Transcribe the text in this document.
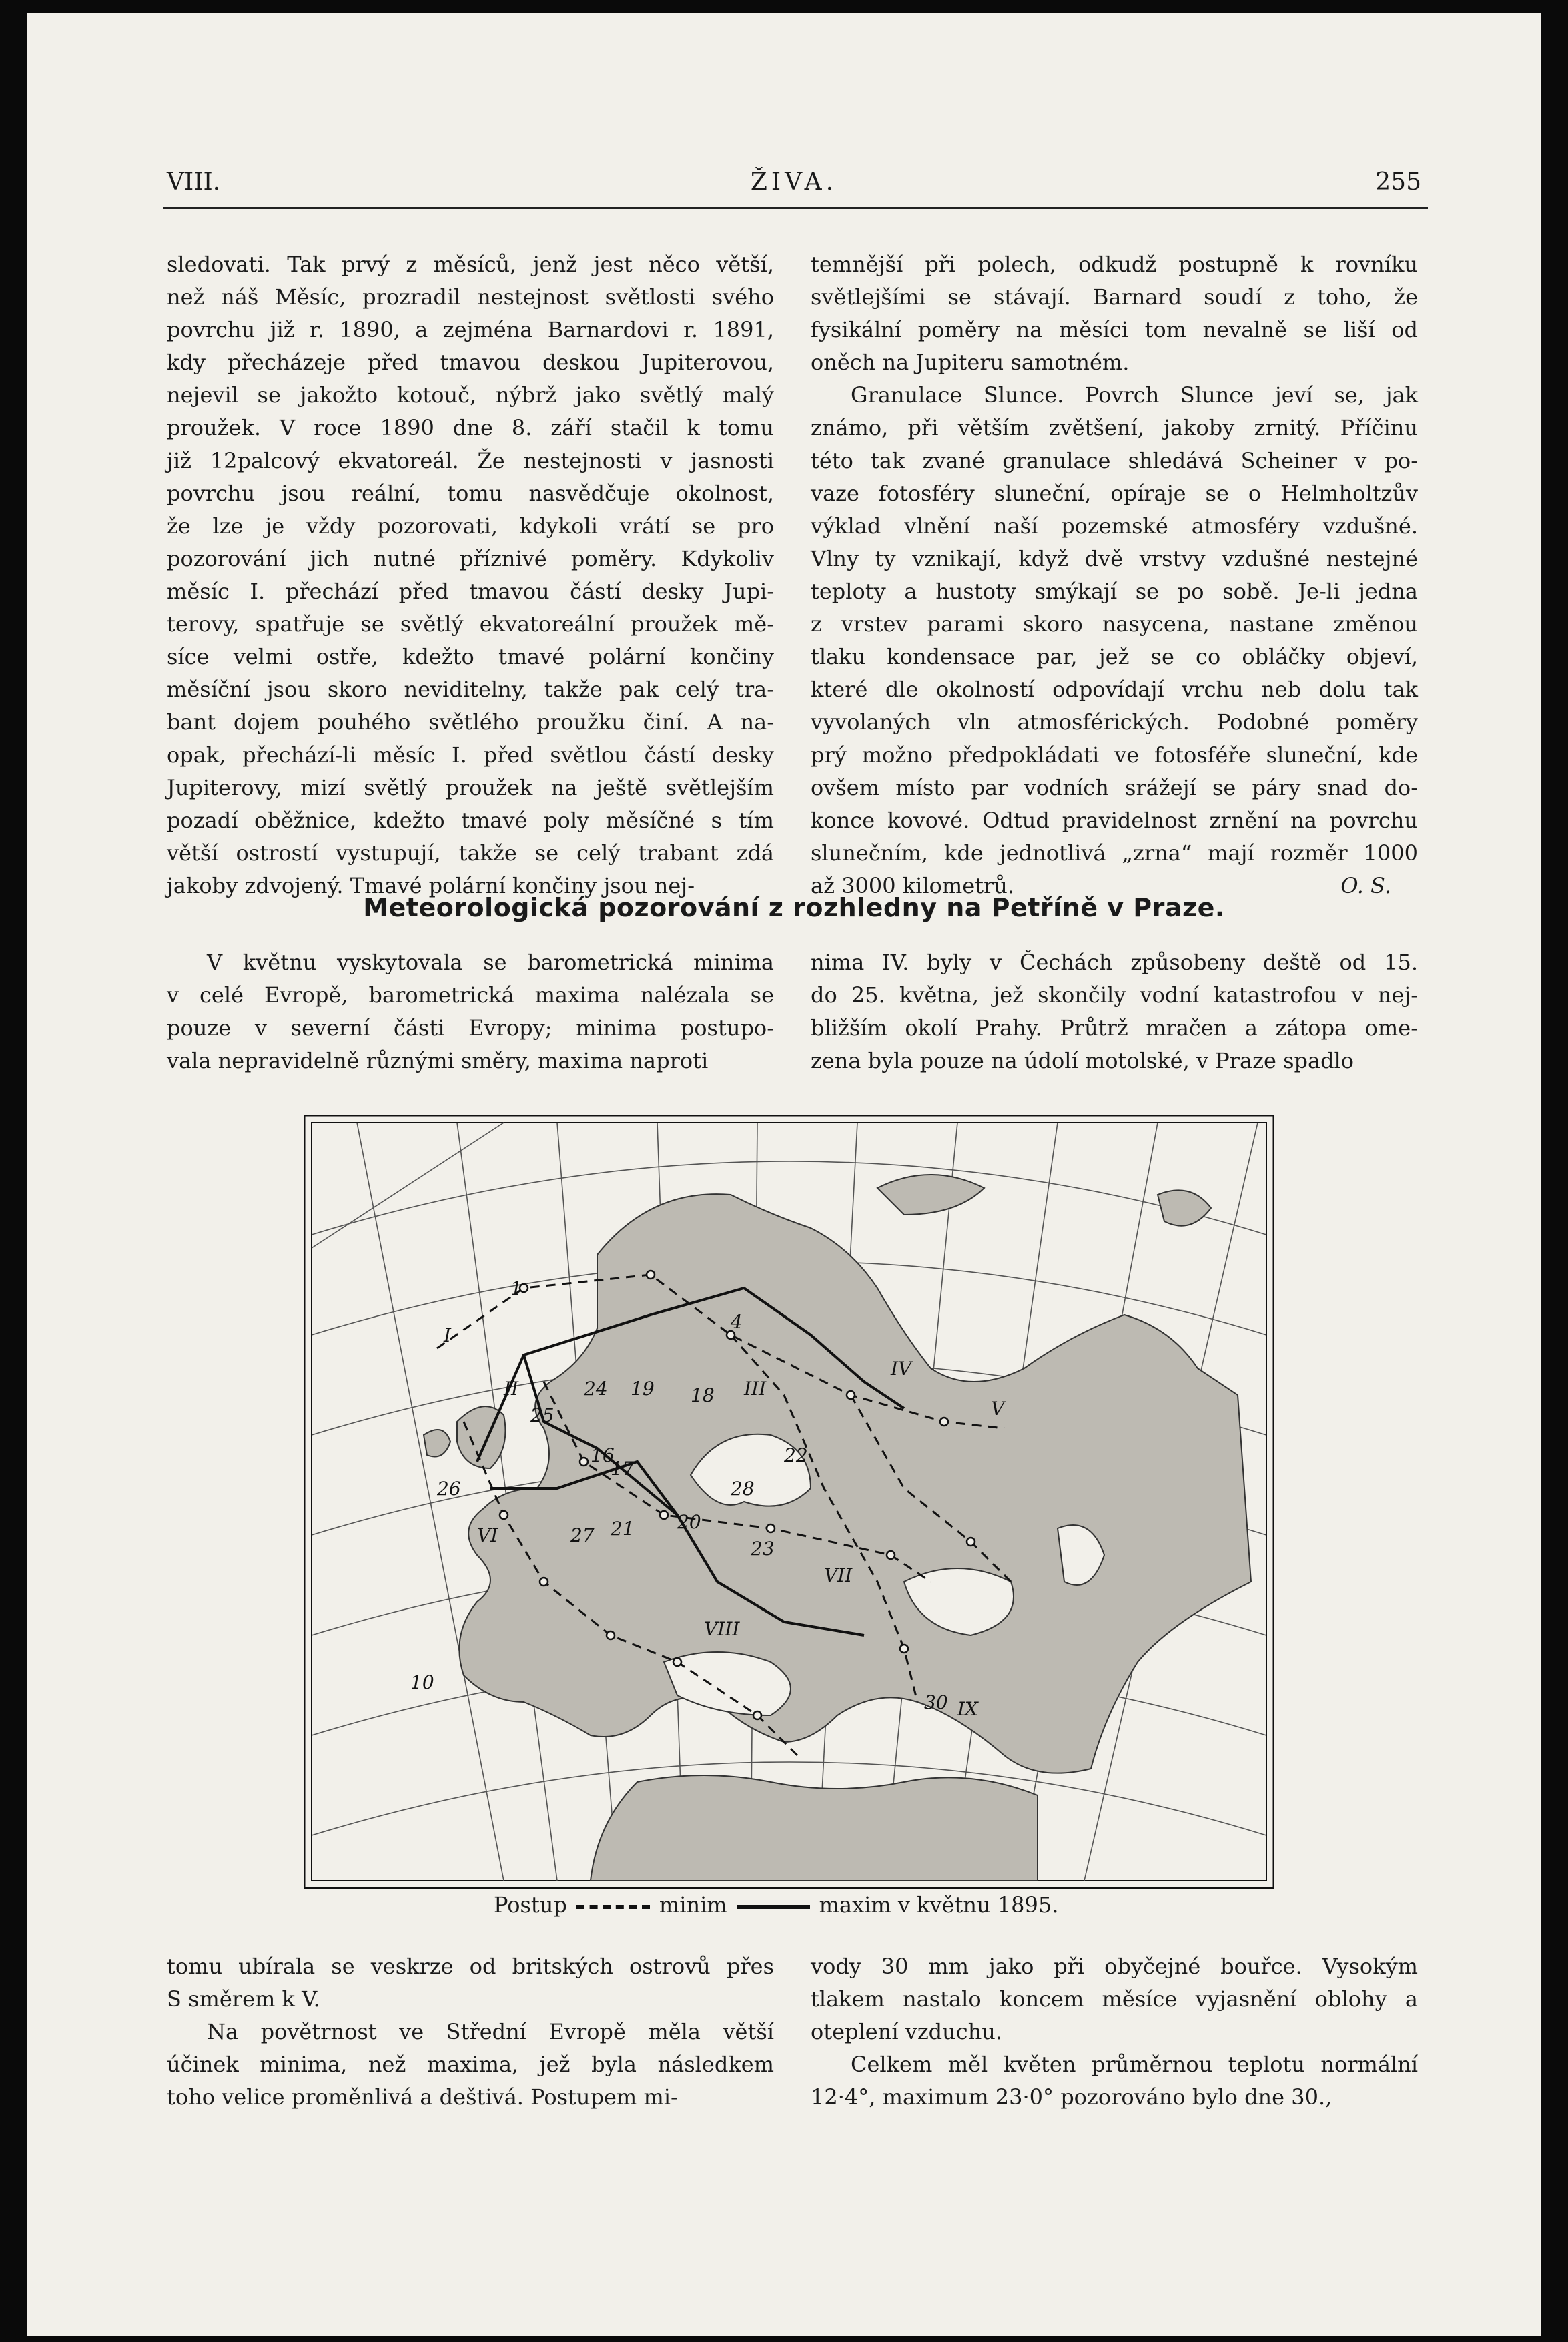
VIII.	ŽIVA.	255
sledovati. Tak prvý z měsíců, jenž jest něco větší,
než náš Měsíc, prozradil nestejnost světlosti svého
povrchu již r. 1890, a zejména Barnardovi r. 1891,
kdy přecházeje před tmavou deskou Jupiterovou,
nejevil se jakožto kotouč, nýbrž jako světlý malý
proužek. V roce 1890 dne 8. září stačil k tomu
již 12palcový ekvatoreál. Že nestejnosti v jasnosti
povrchu jsou reální, tomu nasvědčuje okolnost,
že lze je vždy pozorovati, kdykoli vrátí se pro
pozorování jich nutné příznivé poměry. Kdykoliv
měsíc I. přechází před tmavou částí desky Jupi-
terovy, spatřuje se světlý ekvatoreální proužek mě-
síce velmi ostře, kdežto tmavé polární končiny
měsíční jsou skoro neviditelny, takže pak celý tra-
bant dojem pouhého světlého proužku činí. A na-
opak, přechází-li měsíc I. před světlou částí desky
Jupiterovy, mizí světlý proužek na ještě světlejším
pozadí oběžnice, kdežto tmavé poly měsíčné s tím
větší ostrostí vystupují, takže se celý trabant zdá
jakoby zdvojený. Tmavé polární končiny jsou nej-
temnější při polech, odkudž postupně k rovníku
světlejšími se stávají. Barnard soudí z toho, že
fysikální poměry na měsíci tom nevalně se liší od
oněch na Jupiteru samotném.
Granulace Slunce. Povrch Slunce jeví se, jak
známo, při větším zvětšení, jakoby zrnitý. Příčinu
této tak zvané granulace shledává Scheiner v po-
vaze fotosféry sluneční, opíraje se o Helmholtzův
výklad vlnění naší pozemské atmosféry vzdušné.
Vlny ty vznikají, když dvě vrstvy vzdušné nestejné
teploty a hustoty smýkají se po sobě. Je-li jedna
z vrstev parami skoro nasycena, nastane změnou
tlaku kondensace par, jež se co obláčky objeví,
které dle okolností odpovídají vrchu neb dolu tak
vyvolaných vln atmosférických. Podobné poměry
prý možno předpokládati ve fotosféře sluneční, kde
ovšem místo par vodních srážejí se páry snad do-
konce kovové. Odtud pravidelnost zrnění na povrchu
slunečním, kde jednotlivá „zrna“ mají rozměr 1000
až 3000 kilometrů.	O. S.
Meteorologická pozorování z rozhledny na Petříně v Praze.
V květnu vyskytovala se barometrická minima
v celé Evropě, barometrická maxima nalézala se
pouze v severní části Evropy; minima postupo-
vala nepravidelně různými směry, maxima naproti
nima IV. byly v Čechách způsobeny deště od 15.
do 25. května, jež skončily vodní katastrofou v nej-
bližším okolí Prahy. Průtrž mračen a zátopa ome-
zena byla pouze na údolí motolské, v Praze spadlo
I
II	III
IV
V
VI
VII
VIII
IX
1
4
10
16
17
18
19
20
21
22
23
24
25
26
27
28
30
Postup	minim	maxim v květnu 1895.
tomu ubírala se veskrze od britských ostrovů přes
S směrem k V.
Na povětrnost ve Střední Evropě měla větší
účinek minima, než maxima, jež byla následkem
toho velice proměnlivá a deštivá. Postupem mi-
vody 30 mm jako při obyčejné bouřce. Vysokým
tlakem nastalo koncem měsíce vyjasnění oblohy a
oteplení vzduchu.
Celkem měl květen průměrnou teplotu normální
12·4°, maximum 23·0° pozorováno bylo dne 30.,
